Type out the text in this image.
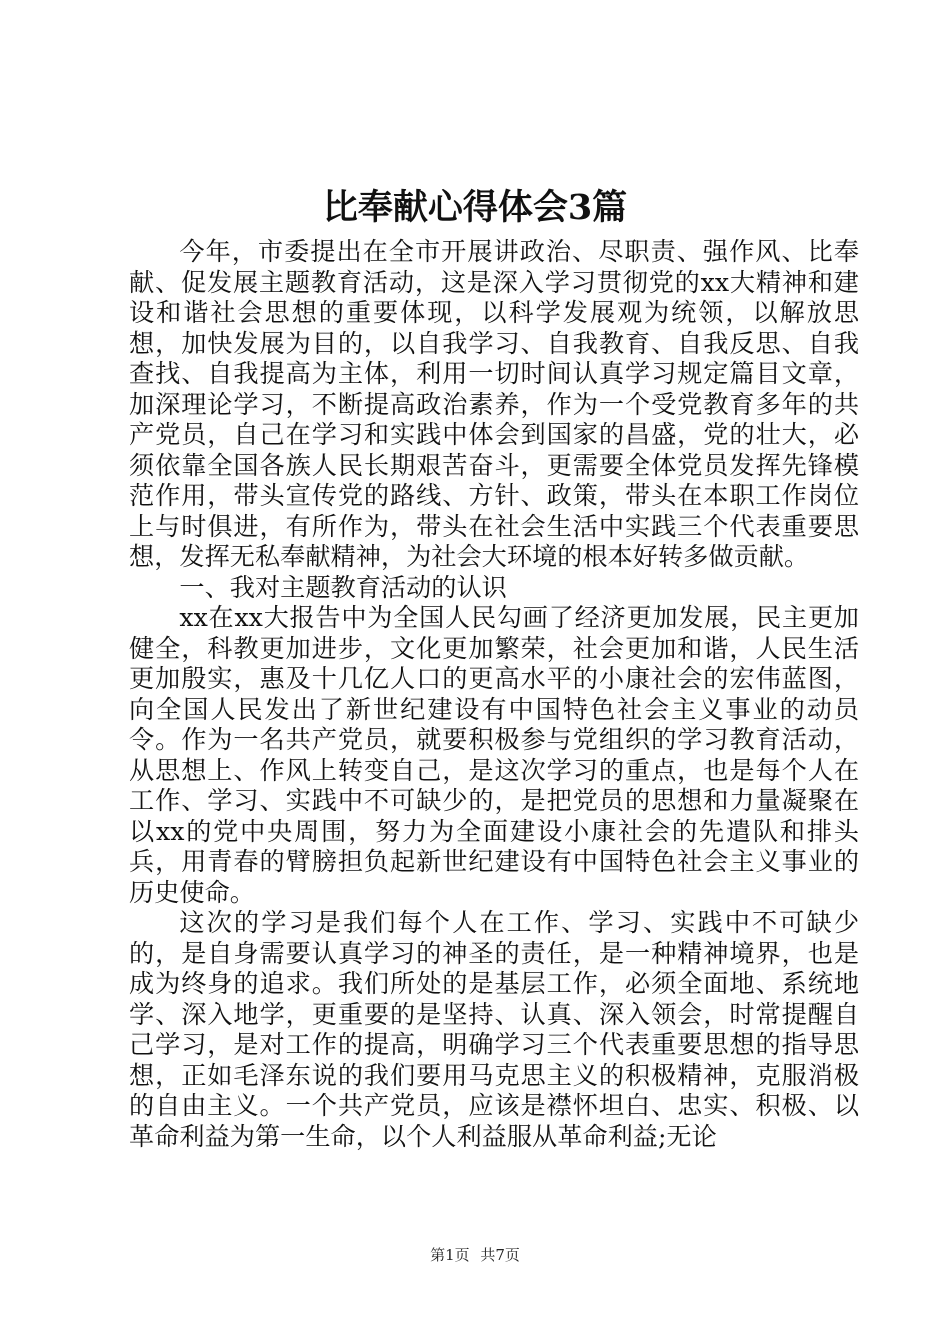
比奉献心得体会3篇

今年，市委提出在全市开展讲政治、尽职责、强作风、比奉献、促发展主题教育活动，这是深入学习贯彻党的xx大精神和建设和谐社会思想的重要体现，以科学发展观为统领，以解放思想，加快发展为目的，以自我学习、自我教育、自我反思、自我查找、自我提高为主体，利用一切时间认真学习规定篇目文章，加深理论学习，不断提高政治素养，作为一个受党教育多年的共产党员，自己在学习和实践中体会到国家的昌盛，党的壮大，必须依靠全国各族人民长期艰苦奋斗，更需要全体党员发挥先锋模范作用，带头宣传党的路线、方针、政策，带头在本职工作岗位上与时俱进，有所作为，带头在社会生活中实践三个代表重要思想，发挥无私奉献精神，为社会大环境的根本好转多做贡献。

一、我对主题教育活动的认识

xx在xx大报告中为全国人民勾画了经济更加发展，民主更加健全，科教更加进步，文化更加繁荣，社会更加和谐，人民生活更加殷实，惠及十几亿人口的更高水平的小康社会的宏伟蓝图，向全国人民发出了新世纪建设有中国特色社会主义事业的动员令。作为一名共产党员，就要积极参与党组织的学习教育活动，从思想上、作风上转变自己，是这次学习的重点，也是每个人在工作、学习、实践中不可缺少的，是把党员的思想和力量凝聚在以xx的党中央周围，努力为全面建设小康社会的先遣队和排头兵，用青春的臂膀担负起新世纪建设有中国特色社会主义事业的历史使命。

这次的学习是我们每个人在工作、学习、实践中不可缺少的，是自身需要认真学习的神圣的责任，是一种精神境界，也是成为终身的追求。我们所处的是基层工作，必须全面地、系统地学、深入地学，更重要的是坚持、认真、深入领会，时常提醒自己学习，是对工作的提高，明确学习三个代表重要思想的指导思想，正如毛泽东说的我们要用马克思主义的积极精神，克服消极的自由主义。一个共产党员，应该是襟怀坦白、忠实、积极、以革命利益为第一生命，以个人利益服从革命利益;无论

第1页 共7页
